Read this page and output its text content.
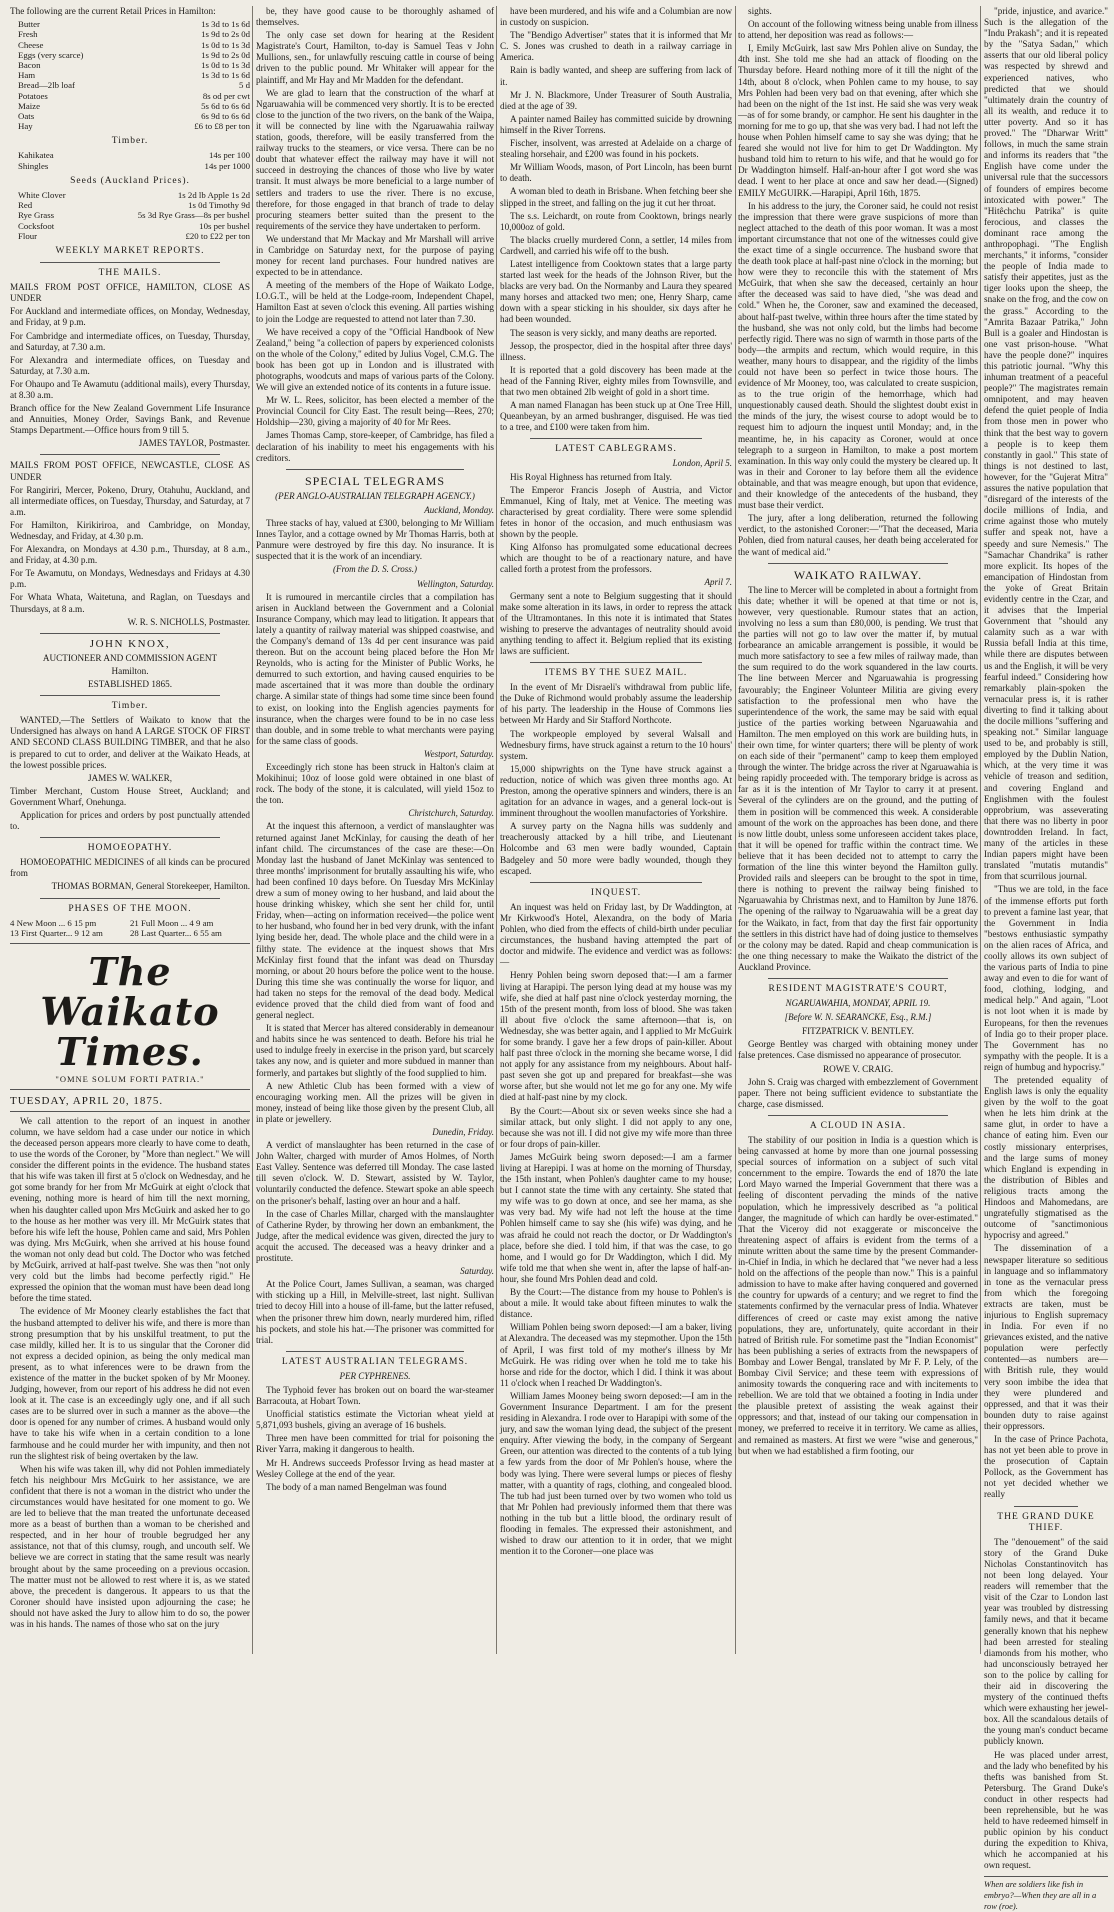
The following are the current Retail Prices in Hamilton:

Butter	1s 3d to 1s 6d
Fresh	1s 9d to 2s 0d
Cheese	1s 0d to 1s 3d
Eggs (very scarce)	1s 9d to 2s 0d
Bacon	1s 0d to 1s 3d
Ham	1s 3d to 1s 6d
Bread—2lb loaf	5 d
Potatoes	8s od per cwt
Maize	5s 6d to 6s 6d
Oats	6s 9d to 6s 6d
Hay	£6 to £8 per ton
Timber.
Kahikatea	14s per 100
Shingles	14s per 1000
Seeds (Auckland Prices).
White Clover	1s 2d lb Apple 1s 2d
Red	1s 0d Timothy 9d
Rye Grass	5s 3d Rye Grass—8s per bushel
Cocksfoot	10s per bushel
Flour	£20 to £22 per ton
WEEKLY MARKET REPORTS.
THE MAILS.

MAILS FROM POST OFFICE, HAMILTON, CLOSE AS UNDER

For Auckland and intermediate offices, on Monday, Wednesday, and Friday, at 9 p.m.

For Cambridge and intermediate offices, on Tuesday, Thursday, and Saturday, at 7.30 a.m.

For Alexandra and intermediate offices, on Tuesday and Saturday, at 7.30 a.m.

For Ohaupo and Te Awamutu (additional mails), every Thursday, at 8.30 a.m.

Branch office for the New Zealand Government Life Insurance and Annuities, Money Order, Savings Bank, and Revenue Stamps Department.—Office hours from 9 till 5.

JAMES TAYLOR, Postmaster.

MAILS FROM POST OFFICE, NEWCASTLE, CLOSE AS UNDER

For Rangiriri, Mercer, Pokeno, Drury, Otahuhu, Auckland, and all intermediate offices, on Tuesday, Thursday, and Saturday, at 7 a.m.

For Hamilton, Kirikiriroa, and Cambridge, on Monday, Wednesday, and Friday, at 4.30 p.m.

For Alexandra, on Mondays at 4.30 p.m., Thursday, at 8 a.m., and Friday, at 4.30 p.m.

For Te Awamutu, on Mondays, Wednesdays and Fridays at 4.30 p.m.

For Whata Whata, Waitetuna, and Raglan, on Tuesdays and Thursdays, at 8 a.m.

W. R. S. NICHOLLS, Postmaster.
JOHN KNOX,
AUCTIONEER AND COMMISSION AGENT
Hamilton.
ESTABLISHED 1865.
Timber.

WANTED,—The Settlers of Waikato to know that the Undersigned has always on hand A LARGE STOCK OF FIRST AND SECOND CLASS BUILDING TIMBER, and that he also is prepared to cut to order, and deliver at the Waikato Heads, at the lowest possible prices.

JAMES W. WALKER,

Timber Merchant, Custom House Street, Auckland; and Government Wharf, Onehunga.

Application for prices and orders by post punctually attended to.

HOMOEOPATHY.

HOMOEOPATHIC MEDICINES of all kinds can be procured from

THOMAS BORMAN, General Storekeeper, Hamilton.
PHASES OF THE MOON.
4 New Moon ... 6 15 pm	21 Full Moon ... 4 9 am
13 First Quarter... 9 12 am	28 Last Quarter... 6 55 am
The Waikato Times.
"OMNE SOLUM FORTI PATRIA."
TUESDAY, APRIL 20, 1875.

We call attention to the report of an inquest in another column, we have seldom had a case under our notice in which the deceased person appears more clearly to have come to death, to use the words of the Coroner, by "More than neglect." We will consider the different points in the evidence. The husband states that his wife was taken ill first at 5 o'clock on Wednesday, and he got some brandy for her from Mr McGuirk at eight o'clock that evening, nothing more is heard of him till the next morning, when his daughter called upon Mrs McGuirk and asked her to go to the house as her mother was very ill. Mr McGuirk states that before his wife left the house, Pohlen came and said, Mrs Pohlen was dying. Mrs McGuirk, when she arrived at his house found the woman not only dead but cold. The Doctor who was fetched by McGuirk, arrived at half-past twelve. She was then "not only very cold but the limbs had become perfectly rigid." He expressed the opinion that the woman must have been dead long before the time stated.

The evidence of Mr Mooney clearly establishes the fact that the husband attempted to deliver his wife, and there is more than strong presumption that by his unskilful treatment, to put the case mildly, killed her. It is to us singular that the Coroner did not express a decided opinion, as being the only medical man present, as to what inferences were to be drawn from the existence of the matter in the bucket spoken of by Mr Mooney. Judging, however, from our report of his address he did not even look at it. The case is an exceedingly ugly one, and if all such cases are to be slurred over in such a manner as the above—the door is opened for any number of crimes. A husband would only have to take his wife when in a certain condition to a lone farmhouse and he could murder her with impunity, and then not run the slightest risk of being overtaken by the law.

When his wife was taken ill, why did not Pohlen immediately fetch his neighbour Mrs McGuirk to her assistance, we are confident that there is not a woman in the district who under the circumstances would have hesitated for one moment to go. We are led to believe that the man treated the unfortunate deceased more as a beast of burthen than a woman to be cherished and respected, and in her hour of trouble begrudged her any assistance, not that of this clumsy, rough, and uncouth self. We believe we are correct in stating that the same result was nearly brought about by the same proceeding on a previous occasion. The matter must not be allowed to rest where it is, as we stated above, the precedent is dangerous. It appears to us that the Coroner should have insisted upon adjourning the case; he should not have asked the Jury to allow him to do so, the power was in his hands. The names of those who sat on the jury

be, they have good cause to be thoroughly ashamed of themselves.

The only case set down for hearing at the Resident Magistrate's Court, Hamilton, to-day is Samuel Teas v John Mullions, sen., for unlawfully rescuing cattle in course of being driven to the public pound. Mr Whitaker will appear for the plaintiff, and Mr Hay and Mr Madden for the defendant.

We are glad to learn that the construction of the wharf at Ngaruawahia will be commenced very shortly. It is to be erected close to the junction of the two rivers, on the bank of the Waipa, it will be connected by line with the Ngaruawahia railway station, goods, therefore, will be easily transferred from the railway trucks to the steamers, or vice versa. There can be no doubt that whatever effect the railway may have it will not succeed in destroying the chances of those who live by water transit. It must always be more beneficial to a large number of settlers and traders to use the river. There is no excuse, therefore, for those engaged in that branch of trade to delay procuring steamers better suited than the present to the requirements of the service they have undertaken to perform.

We understand that Mr Mackay and Mr Marshall will arrive in Cambridge on Saturday next, for the purpose of paying money for recent land purchases. Four hundred natives are expected to be in attendance.

A meeting of the members of the Hope of Waikato Lodge, I.O.G.T., will be held at the Lodge-room, Independent Chapel, Hamilton East at seven o'clock this evening. All parties wishing to join the Lodge are requested to attend not later than 7.30.

We have received a copy of the "Official Handbook of New Zealand," being "a collection of papers by experienced colonists on the whole of the Colony," edited by Julius Vogel, C.M.G. The book has been got up in London and is illustrated with photographs, woodcuts and maps of various parts of the Colony. We will give an extended notice of its contents in a future issue.

Mr W. L. Rees, solicitor, has been elected a member of the Provincial Council for City East. The result being—Rees, 270; Holdship—230, giving a majority of 40 for Mr Rees.

James Thomas Camp, store-keeper, of Cambridge, has filed a declaration of his inability to meet his engagements with his creditors.

SPECIAL TELEGRAMS
(PER ANGLO-AUSTRALIAN TELEGRAPH AGENCY.)
Auckland, Monday.

Three stacks of hay, valued at £300, belonging to Mr William Innes Taylor, and a cottage owned by Mr Thomas Harris, both at Panmure were destroyed by fire this day. No insurance. It is suspected that it is the work of an incendiary.

(From the D. S. Cross.)
Wellington, Saturday.

It is rumoured in mercantile circles that a compilation has arisen in Auckland between the Government and a Colonial Insurance Company, which may lead to litigation. It appears that lately a quantity of railway material was shipped coastwise, and the Company's demand of 13s 4d per cent insurance was paid thereon. But on the account being placed before the Hon Mr Reynolds, who is acting for the Minister of Public Works, he demurred to such extortion, and having caused enquiries to be made ascertained that it was more than double the ordinary charge. A similar state of things had some time since been found to exist, on looking into the English agencies payments for insurance, when the charges were found to be in no case less than double, and in some treble to what merchants were paying for the same class of goods.

Westport, Saturday.

Exceedingly rich stone has been struck in Halton's claim at Mokihinui; 10oz of loose gold were obtained in one blast of rock. The body of the stone, it is calculated, will yield 15oz to the ton.

Christchurch, Saturday.

At the inquest this afternoon, a verdict of manslaughter was returned against Janet McKinlay, for causing the death of her infant child. The circumstances of the case are these:—On Monday last the husband of Janet McKinlay was sentenced to three months' imprisonment for brutally assaulting his wife, who had been confined 10 days before. On Tuesday Mrs McKinlay drew a sum of money owing to her husband, and laid about the house drinking whiskey, which she sent her child for, until Friday, when—acting on information received—the police went to her husband, who found her in bed very drunk, with the infant lying beside her, dead. The whole place and the child were in a filthy state. The evidence at the inquest shows that Mrs McKinlay first found that the infant was dead on Thursday morning, or about 20 hours before the police went to the house. During this time she was continually the worse for liquor, and had taken no steps for the removal of the dead body. Medical evidence proved that the child died from want of food and general neglect.

It is stated that Mercer has altered considerably in demeanour and habits since he was sentenced to death. Before his trial he used to indulge freely in exercise in the prison yard, but scarcely takes any now, and is quieter and more subdued in manner than formerly, and partakes but slightly of the food supplied to him.

A new Athletic Club has been formed with a view of encouraging working men. All the prizes will be given in money, instead of being like those given by the present Club, all in plate or jewellery.

Dunedin, Friday.

A verdict of manslaughter has been returned in the case of John Walter, charged with murder of Amos Holmes, of North East Valley. Sentence was deferred till Monday. The case lasted till seven o'clock. W. D. Stewart, assisted by W. Taylor, voluntarily conducted the defence. Stewart spoke an able speech on the prisoner's behalf, lasting over an hour and a half.

In the case of Charles Millar, charged with the manslaughter of Catherine Ryder, by throwing her down an embankment, the Judge, after the medical evidence was given, directed the jury to acquit the accused. The deceased was a heavy drinker and a prostitute.

Saturday.

At the Police Court, James Sullivan, a seaman, was charged with sticking up a Hill, in Melville-street, last night. Sullivan tried to decoy Hill into a house of ill-fame, but the latter refused, when the prisoner threw him down, nearly murdered him, rifled his pockets, and stole his hat.—The prisoner was committed for trial.

LATEST AUSTRALIAN TELEGRAMS.
PER CYPHRENES.

The Typhoid fever has broken out on board the war-steamer Barracouta, at Hobart Town.

Unofficial statistics estimate the Victorian wheat yield at 5,871,093 bushels, giving an average of 16 bushels.

Three men have been committed for trial for poisoning the River Yarra, making it dangerous to health.

Mr H. Andrews succeeds Professor Irving as head master at Wesley College at the end of the year.

The body of a man named Bengelman was found

have been murdered, and his wife and a Columbian are now in custody on suspicion.

The "Bendigo Advertiser" states that it is informed that Mr C. S. Jones was crushed to death in a railway carriage in America.

Rain is badly wanted, and sheep are suffering from lack of it.

Mr J. N. Blackmore, Under Treasurer of South Australia, died at the age of 39.

A painter named Bailey has committed suicide by drowning himself in the River Torrens.

Fischer, insolvent, was arrested at Adelaide on a charge of stealing horsehair, and £200 was found in his pockets.

Mr William Woods, mason, of Port Lincoln, has been burnt to death.

A woman bled to death in Brisbane. When fetching beer she slipped in the street, and falling on the jug it cut her throat.

The s.s. Leichardt, on route from Cooktown, brings nearly 10,000oz of gold.

The blacks cruelly murdered Conn, a settler, 14 miles from Cardwell, and carried his wife off to the bush.

Latest intelligence from Cooktown states that a large party started last week for the heads of the Johnson River, but the blacks are very bad. On the Normanby and Laura they speared many horses and attacked two men; one, Henry Sharp, came down with a spear sticking in his shoulder, six days after he had been wounded.

The season is very sickly, and many deaths are reported.

Jessop, the prospector, died in the hospital after three days' illness.

It is reported that a gold discovery has been made at the head of the Fanning River, eighty miles from Townsville, and that two men obtained 2lb weight of gold in a short time.

A man named Flanagan has been stuck up at One Tree Hill, Queanbeyan, by an armed bushranger, disguised. He was tied to a tree, and £100 were taken from him.

LATEST CABLEGRAMS.
London, April 5.

His Royal Highness has returned from Italy.

The Emperor Francis Joseph of Austria, and Victor Emmanuel, King of Italy, met at Venice. The meeting was characterised by great cordiality. There were some splendid fetes in honor of the occasion, and much enthusiasm was shown by the people.

King Alfonso has promulgated some educational decrees which are thought to be of a reactionary nature, and have called forth a protest from the professors.

April 7.

Germany sent a note to Belgium suggesting that it should make some alteration in its laws, in order to repress the attack of the Ultramontanes. In this note it is intimated that States wishing to preserve the advantages of neutrality should avoid anything tending to affect it. Belgium replied that its existing laws are sufficient.

ITEMS BY THE SUEZ MAIL.

In the event of Mr Disraeli's withdrawal from public life, the Duke of Richmond would probably assume the leadership of his party. The leadership in the House of Commons lies between Mr Hardy and Sir Stafford Northcote.

The workpeople employed by several Walsall and Wednesbury firms, have struck against a return to the 10 hours' system.

15,000 shipwrights on the Tyne have struck against a reduction, notice of which was given three months ago. At Preston, among the operative spinners and winders, there is an agitation for an advance in wages, and a general lock-out is imminent throughout the woollen manufactories of Yorkshire.

A survey party on the Nagna hills was suddenly and treacherously attacked by a hill tribe, and Lieutenant Holcombe and 63 men were badly wounded, Captain Badgeley and 50 more were badly wounded, though they escaped.

INQUEST.

An inquest was held on Friday last, by Dr Waddington, at Mr Kirkwood's Hotel, Alexandra, on the body of Maria Pohlen, who died from the effects of child-birth under peculiar circumstances, the husband having attempted the part of doctor and midwife. The evidence and verdict was as follows:—

Henry Pohlen being sworn deposed that:—I am a farmer living at Harapipi. The person lying dead at my house was my wife, she died at half past nine o'clock yesterday morning, the 15th of the present month, from loss of blood. She was taken ill about five o'clock the same afternoon—that is, on Wednesday, she was better again, and I applied to Mr McGuirk for some brandy. I gave her a few drops of pain-killer. About half past three o'clock in the morning she became worse, I did not apply for any assistance from my neighbours. About half-past seven she got up and prepared for breakfast—she was worse after, but she would not let me go for any one. My wife died at half-past nine by my clock.

By the Court:—About six or seven weeks since she had a similar attack, but only slight. I did not apply to any one, because she was not ill. I did not give my wife more than three or four drops of pain-killer.

James McGuirk being sworn deposed:—I am a farmer living at Harepipi. I was at home on the morning of Thursday, the 15th instant, when Pohlen's daughter came to my house; but I cannot state the time with any certainty. She stated that my wife was to go down at once, and see her mama, as she was very bad. My wife had not left the house at the time Pohlen himself came to say she (his wife) was dying, and he was afraid he could not reach the doctor, or Dr Waddington's place, before she died. I told him, if that was the case, to go home, and I would go for Dr Waddington, which I did. My wife told me that when she went in, after the lapse of half-an-hour, she found Mrs Pohlen dead and cold.

By the Court:—The distance from my house to Pohlen's is about a mile. It would take about fifteen minutes to walk the distance.

William Pohlen being sworn deposed:—I am a baker, living at Alexandra. The deceased was my stepmother. Upon the 15th of April, I was first told of my mother's illness by Mr McGuirk. He was riding over when he told me to take his horse and ride for the doctor, which I did. I think it was about 11 o'clock when I reached Dr Waddington's.

William James Mooney being sworn deposed:—I am in the Government Insurance Department. I am for the present residing in Alexandra. I rode over to Harapipi with some of the jury, and saw the woman lying dead, the subject of the present enquiry. After viewing the body, in the company of Sergeant Green, our attention was directed to the contents of a tub lying a few yards from the door of Mr Pohlen's house, where the body was lying. There were several lumps or pieces of fleshy matter, with a quantity of rags, clothing, and congealed blood. The tub had just been turned over by two women who told us that Mr Pohlen had previously informed them that there was nothing in the tub but a little blood, the ordinary result of flooding in females. The expressed their astonishment, and wished to draw our attention to it in order, that we might mention it to the Coroner—one place was

sights.

On account of the following witness being unable from illness to attend, her deposition was read as follows:—

I, Emily McGuirk, last saw Mrs Pohlen alive on Sunday, the 4th inst. She told me she had an attack of flooding on the Thursday before. Heard nothing more of it till the night of the 14th, about 8 o'clock, when Pohlen came to my house, to say Mrs Pohlen had been very bad on that evening, after which she had been on the night of the 1st inst. He said she was very weak—as of for some brandy, or camphor. He sent his daughter in the morning for me to go up, that she was very bad. I had not left the house when Pohlen himself came to say she was dying; that he feared she would not live for him to get Dr Waddington. My husband told him to return to his wife, and that he would go for Dr Waddington himself. Half-an-hour after I got word she was dead. I went to her place at once and saw her dead.—(Signed) EMILY McGUIRK.—Harapipi, April 16th, 1875.

In his address to the jury, the Coroner said, he could not resist the impression that there were grave suspicions of more than neglect attached to the death of this poor woman. It was a most important circumstance that not one of the witnesses could give the exact time of a single occurrence. The husband swore that the death took place at half-past nine o'clock in the morning; but how were they to reconcile this with the statement of Mrs McGuirk, that when she saw the deceased, certainly an hour after the deceased was said to have died, "she was dead and cold." When he, the Coroner, saw and examined the deceased, about half-past twelve, within three hours after the time stated by the husband, she was not only cold, but the limbs had become perfectly rigid. There was no sign of warmth in those parts of the body—the armpits and rectum, which would require, in this weather, many hours to disappear, and the rigidity of the limbs could not have been so perfect in twice those hours. The evidence of Mr Mooney, too, was calculated to create suspicion, as to the true origin of the hemorrhage, which had unquestionably caused death. Should the slightest doubt exist in the minds of the jury, the wisest course to adopt would be to request him to adjourn the inquest until Monday; and, in the meantime, he, in his capacity as Coroner, would at once telegraph to a surgeon in Hamilton, to make a post mortem examination. In this way only could the mystery be cleared up. It was in their and Coroner to lay before them all the evidence obtainable, and that was meagre enough, but upon that evidence, and their knowledge of the antecedents of the husband, they must base their verdict.

The jury, after a long deliberation, returned the following verdict, to the astonished Coroner:—"That the deceased, Maria Pohlen, died from natural causes, her death being accelerated for the want of medical aid."

WAIKATO RAILWAY.

The line to Mercer will be completed in about a fortnight from this date; whether it will be opened at that time or not is, however, very questionable. Rumour states that an action, involving no less a sum than £80,000, is pending. We trust that the parties will not go to law over the matter if, by mutual forbearance an amicable arrangement is possible, it would be much more satisfactory to see a few miles of railway made, than the sum required to do the work squandered in the law courts. The line between Mercer and Ngaruawahia is progressing favourably; the Engineer Volunteer Militia are giving every satisfaction to the professional men who have the superintendence of the work, the same may be said with equal justice of the parties working between Ngaruawahia and Hamilton. The men employed on this work are building huts, in their own time, for winter quarters; there will be plenty of work on each side of their "permanent" camp to keep them employed through the winter. The bridge across the river at Ngaruawahia is being rapidly proceeded with. The temporary bridge is across as far as it is the intention of Mr Taylor to carry it at present. Several of the cylinders are on the ground, and the putting of them in position will be commenced this week. A considerable amount of the work on the approaches has been done, and there is now little doubt, unless some unforeseen accident takes place, that it will be opened for traffic within the contract time. We believe that it has been decided not to attempt to carry the formation of the line this winter beyond the Hamilton gully. Provided rails and sleepers can be brought to the spot in time, there is nothing to prevent the railway being finished to Ngaruawahia by Christmas next, and to Hamilton by June 1876. The opening of the railway to Ngaruawahia will be a great day for the Waikato, in fact, from that day the first fair opportunity the settlers in this district have had of doing justice to themselves or the colony may be dated. Rapid and cheap communication is the one thing necessary to make the Waikato the district of the Auckland Province.

RESIDENT MAGISTRATE'S COURT,
NGARUAWAHIA, MONDAY, APRIL 19.
[Before W. N. SEARANCKE, Esq., R.M.]
FITZPATRICK V. BENTLEY.

George Bentley was charged with obtaining money under false pretences. Case dismissed no appearance of prosecutor.

ROWE V. CRAIG.

John S. Craig was charged with embezzlement of Government paper. There not being sufficient evidence to substantiate the charge, case dismissed.

A CLOUD IN ASIA.

The stability of our position in India is a question which is being canvassed at home by more than one journal possessing special sources of information on a subject of such vital concernment to the empire. Towards the end of 1870 the late Lord Mayo warned the Imperial Government that there was a feeling of discontent pervading the minds of the native population, which he impressively described as "a political danger, the magnitude of which can hardly be over-estimated." That the Viceroy did not exaggerate or misconceive the threatening aspect of affairs is evident from the terms of a minute written about the same time by the present Commander-in-Chief in India, in which he declared that "we never had a less hold on the affections of the people than now." This is a painful admission to have to make after having conquered and governed the country for upwards of a century; and we regret to find the statements confirmed by the vernacular press of India. Whatever differences of creed or caste may exist among the native populations, they are, unfortunately, quite accordant in their hatred of British rule. For sometime past the "Indian Economist" has been publishing a series of extracts from the newspapers of Bombay and Lower Bengal, translated by Mr F. P. Lely, of the Bombay Civil Service; and these teem with expressions of animosity towards the conquering race and with incitements to rebellion. We are told that we obtained a footing in India under the plausible pretext of assisting the weak against their oppressors; and that, instead of our taking our compensation in money, we preferred to receive it in territory. We came as allies, and remained as masters. At first we were "wise and generous," but when we had established a firm footing, our

"pride, injustice, and avarice." Such is the allegation of the "Indu Prakash"; and it is repeated by the "Satya Sadan," which asserts that our old liberal policy was respected by shrewd and experienced natives, who predicted that we should "ultimately drain the country of all its wealth, and reduce it to utter poverty. And so it has proved." The "Dharwar Writt" follows, in much the same strain and informs its readers that "the English have come under the universal rule that the successors of founders of empires become intoxicated with power." The "Hitêchchu Patrika" is quite ferocious, and classes the dominant race among the anthropophagi. "The English merchants," it informs, "consider the people of India made to satisfy their appetites, just as the tiger looks upon the sheep, the snake on the frog, and the cow on the grass." According to the "Amrita Bazaar Patrika," John Bull is a goaler and Hindostan is one vast prison-house. "What have the people done?" inquires this patriotic journal. "Why this inhuman treatment of a peaceful people?" The magistrates remain omnipotent, and may heaven defend the quiet people of India from those men in power who think that the best way to govern a people is to keep them constantly in gaol." This state of things is not destined to last, however, for the "Gujerat Mitra" assures the native population that "disregard of the interests of the docile millions of India, and crime against those who mutely suffer and speak not, have a speedy and sure Nemesis." The "Samachar Chandrika" is rather more explicit. Its hopes of the emancipation of Hindostan from the yoke of Great Britain evidently centre in the Czar, and it advises that the Imperial Government that "should any calamity such as a war with Russia befall India at this time, while there are disputes between us and the English, it will be very fearful indeed." Considering how remarkably plain-spoken the vernacular press is, it is rather diverting to find it talking about the docile millions "suffering and speaking not." Similar language used to be, and probably is still, employed by the Dublin Nation, which, at the very time it was vehicle of treason and sedition, and covering England and Englishmen with the foulest opprobrium, was asseverating that there was no liberty in poor downtrodden Ireland. In fact, many of the articles in these Indian papers might have been translated "mutatis mutandis" from that scurrilous journal.

"Thus we are told, in the face of the immense efforts put forth to prevent a famine last year, that the Government in India "bestows enthusiastic sympathy on the alien races of Africa, and coolly allows its own subject of the various parts of India to pine away and even to die for want of food, clothing, lodging, and medical help." And again, "Loot is not loot when it is made by Europeans, for then the revenues of India go to their proper place. The Government has no sympathy with the people. It is a reign of humbug and hypocrisy."

The pretended equality of English laws is only the equality given by the wolf to the goat when he lets him drink at the same glut, in order to have a chance of eating him. Even our costly missionary enterprises, and the large sums of money which England is expending in the distribution of Bibles and religious tracts among the Hindoos and Mahomedans, are ungratefully stigmatised as the outcome of "sanctimonious hypocrisy and agreed."

The dissemination of a newspaper literature so seditious in language and so inflammatory in tone as the vernacular press from which the foregoing extracts are taken, must be injurious to English supremacy in India. For even if no grievances existed, and the native population were perfectly contented—as numbers are—with British rule, they would very soon imbibe the idea that they were plundered and oppressed, and that it was their bounden duty to raise against their oppressors.

In the case of Prince Pachota, has not yet been able to prove in the prosecution of Captain Pollock, as the Government has not yet decided whether we really

THE GRAND DUKE THIEF.

The "denouement" of the said story of the Grand Duke Nicholas Constantinovitch has not been long delayed. Your readers will remember that the visit of the Czar to London last year was troubled by distressing family news, and that it became generally known that his nephew had been arrested for stealing diamonds from his mother, who had unconsciously betrayed her son to the police by calling for their aid in discovering the mystery of the continued thefts which were exhausting her jewel-box. All the scandalous details of the young man's conduct became publicly known.

He was placed under arrest, and the lady who benefited by his thefts was banished from St. Petersburg. The Grand Duke's conduct in other respects had been reprehensible, but he was held to have redeemed himself in public opinion by his conduct during the expedition to Khiva, which he accompanied at his own request.

When are soldiers like fish in embryo?—When they are all in a row (roe).
